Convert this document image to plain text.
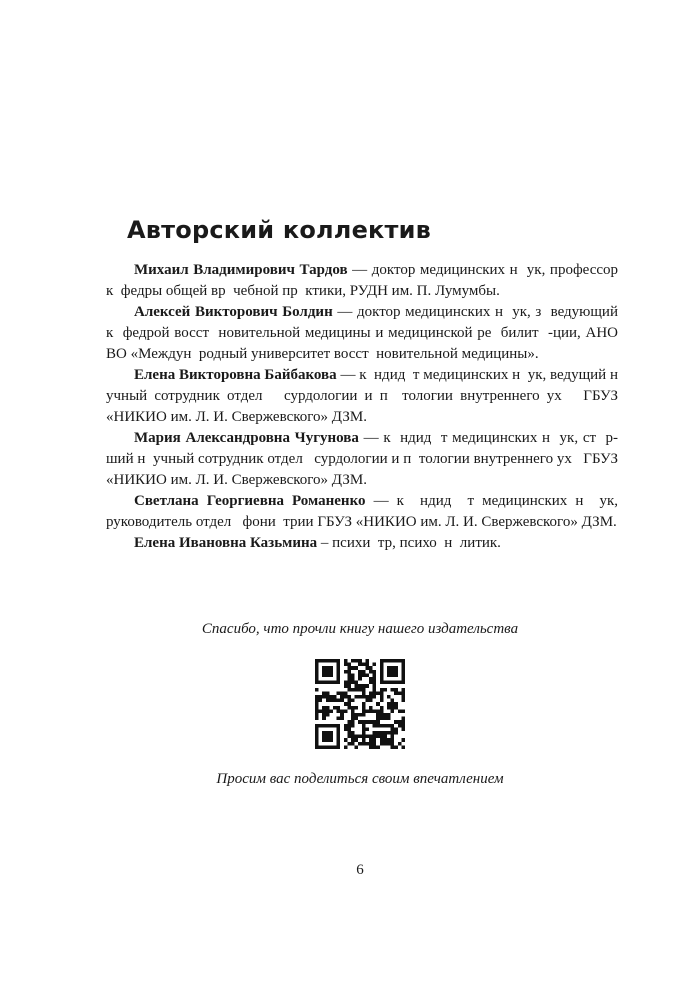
Авторский коллектив

Михаил Владимирович Тардов — доктор медицинских н  ук, профессор к  федры общей вр  чебной пр  ктики, РУДН им. П. Лумумбы.

Алексей Викторович Болдин — доктор медицинских н  ук, з  ведующий к  федрой восст  новительной медицины и медицинской ре  билит  -ции, АНО ВО «Междун  родный университет восст  новительной медицины».

Елена Викторовна Байбакова — к  ндид  т медицинских н  ук, ведущий н  учный сотрудник отдел   сурдологии и п  тологии внутреннего ух   ГБУЗ «НИКИО им. Л. И. Свержевского» ДЗМ.

Мария Александровна Чугунова — к  ндид  т медицинских н  ук, ст  р-ший н  учный сотрудник отдел   сурдологии и п  тологии внутреннего ух   ГБУЗ «НИКИО им. Л. И. Свержевского» ДЗМ.

Светлана Георгиевна Романенко — к  ндид  т медицинских н  ук, руководитель отдел   фони  трии ГБУЗ «НИКИО им. Л. И. Свержевского» ДЗМ.

Елена Ивановна Казьмина – психи  тр, психо  н  литик.

Спасибо, что прочли книгу нашего издательства
Просим вас поделиться своим впечатлением
6
